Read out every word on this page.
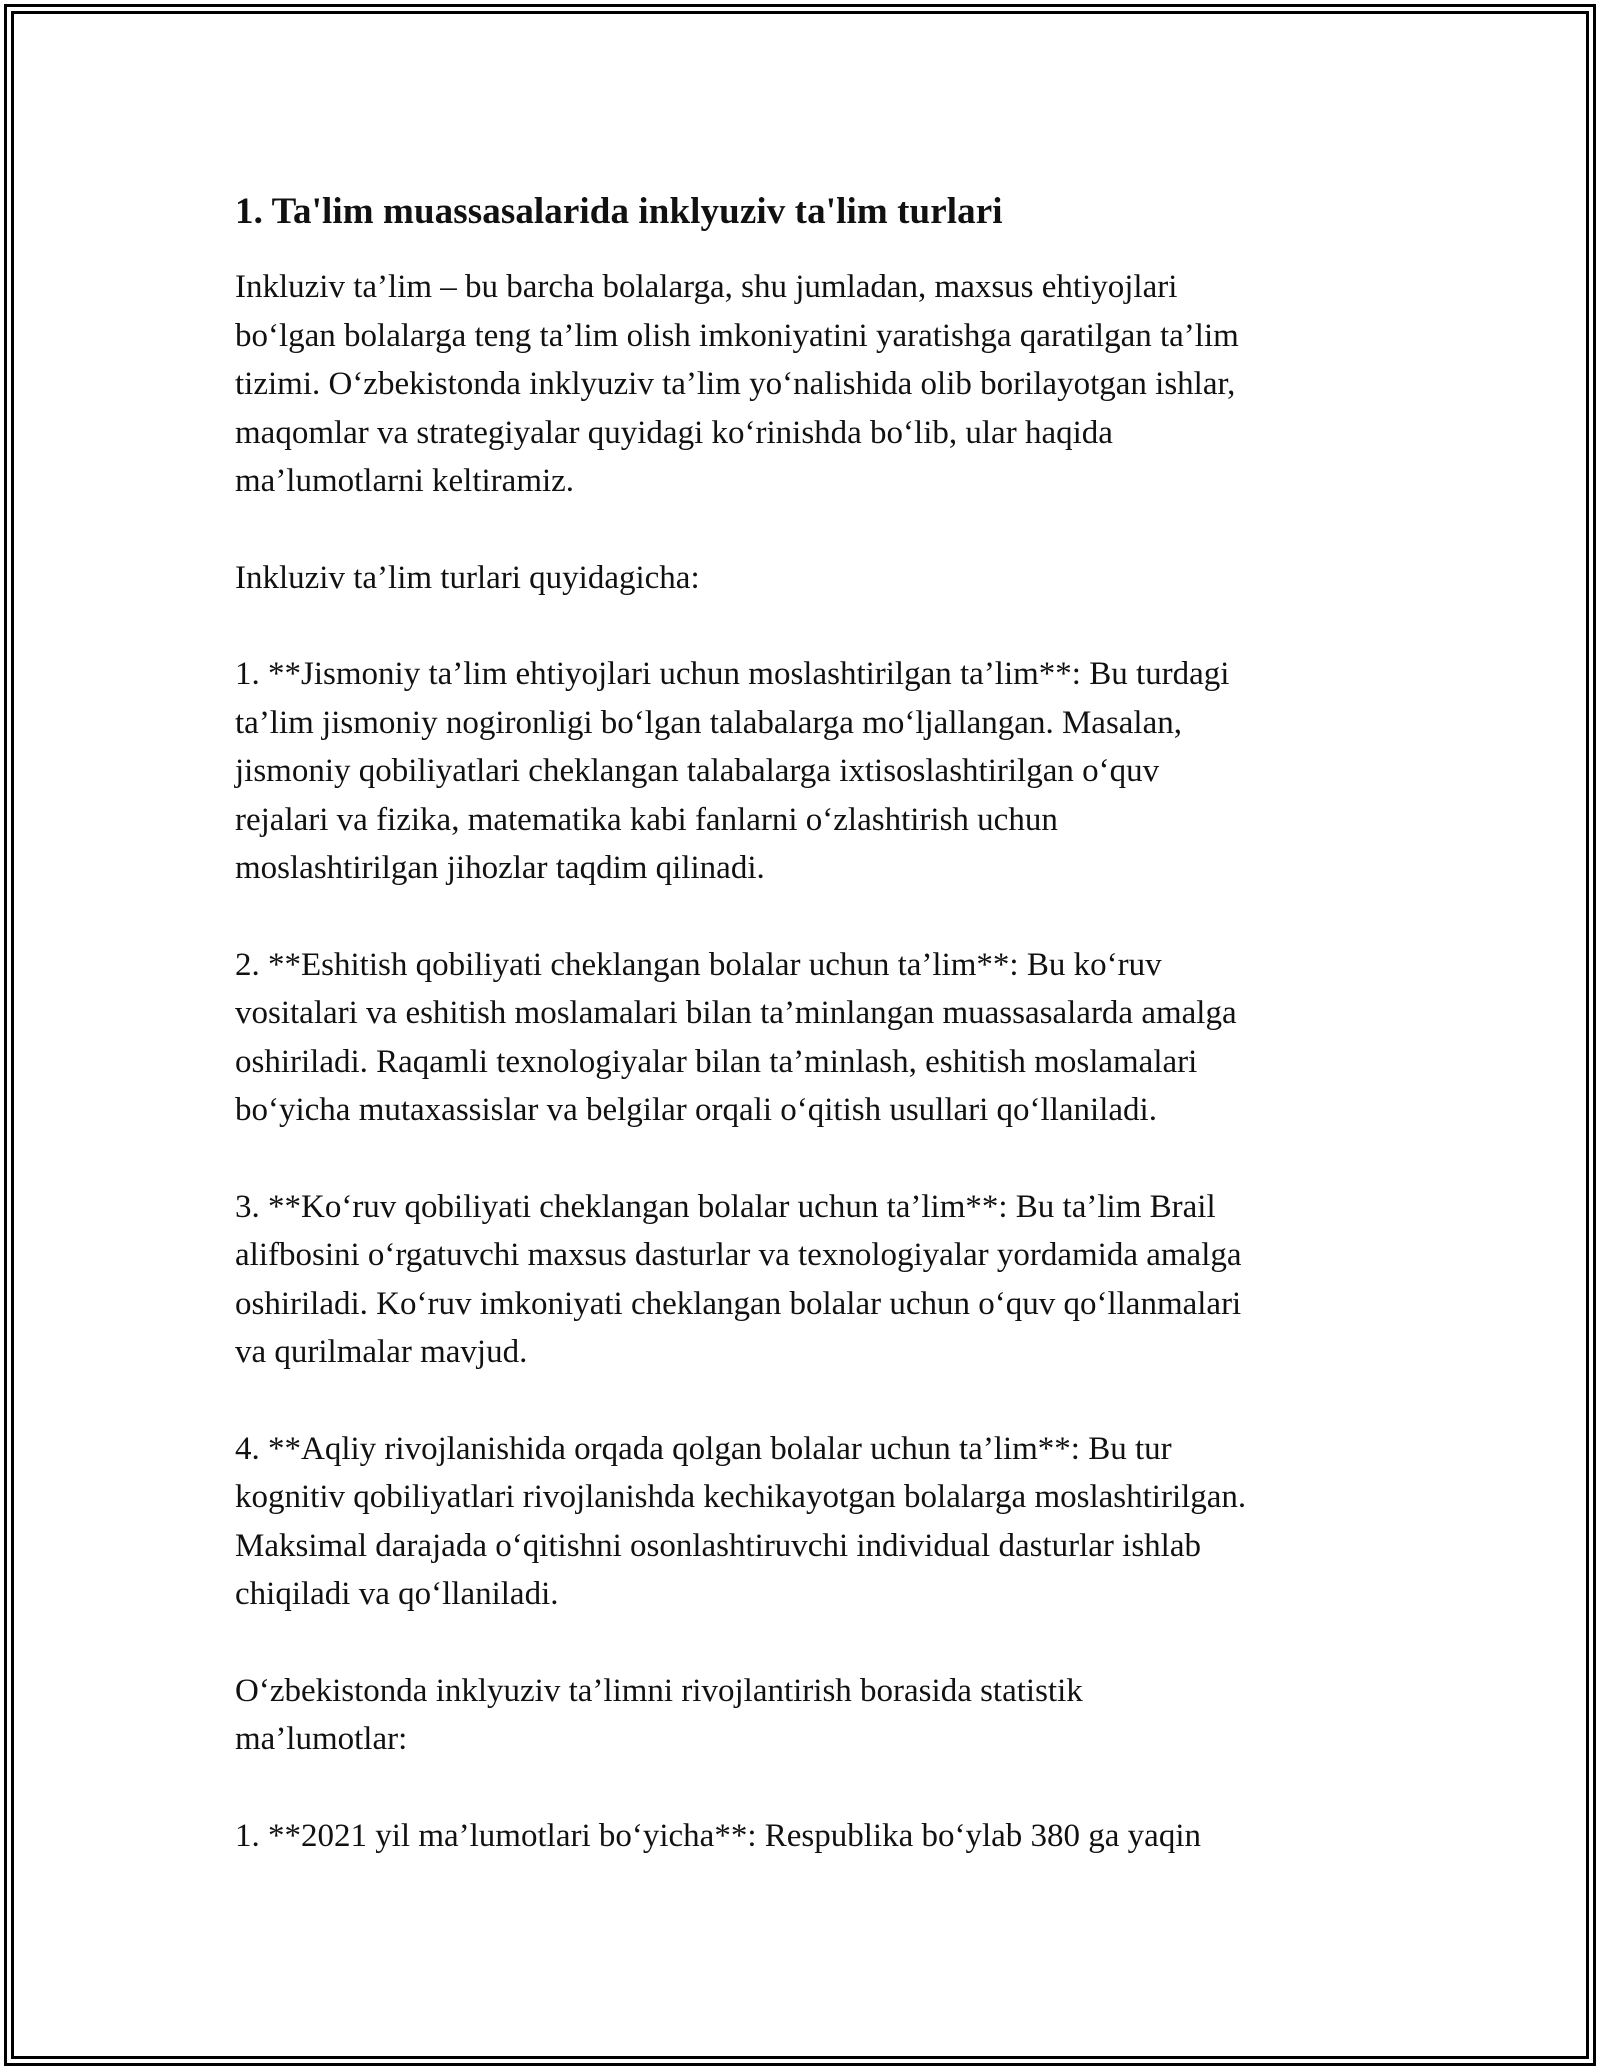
1. Ta'lim muassasalarida inklyuziv ta'lim turlari

Inkluziv ta’lim – bu barcha bolalarga, shu jumladan, maxsus ehtiyojlari
bo‘lgan bolalarga teng ta’lim olish imkoniyatini yaratishga qaratilgan ta’lim
tizimi. O‘zbekistonda inklyuziv ta’lim yo‘nalishida olib borilayotgan ishlar,
maqomlar va strategiyalar quyidagi ko‘rinishda bo‘lib, ular haqida
ma’lumotlarni keltiramiz.

Inkluziv ta’lim turlari quyidagicha:

1. **Jismoniy ta’lim ehtiyojlari uchun moslashtirilgan ta’lim**: Bu turdagi
ta’lim jismoniy nogironligi bo‘lgan talabalarga mo‘ljallangan. Masalan,
jismoniy qobiliyatlari cheklangan talabalarga ixtisoslashtirilgan o‘quv
rejalari va fizika, matematika kabi fanlarni o‘zlashtirish uchun
moslashtirilgan jihozlar taqdim qilinadi.

2. **Eshitish qobiliyati cheklangan bolalar uchun ta’lim**: Bu ko‘ruv
vositalari va eshitish moslamalari bilan ta’minlangan muassasalarda amalga
oshiriladi. Raqamli texnologiyalar bilan ta’minlash, eshitish moslamalari
bo‘yicha mutaxassislar va belgilar orqali o‘qitish usullari qo‘llaniladi.

3. **Ko‘ruv qobiliyati cheklangan bolalar uchun ta’lim**: Bu ta’lim Brail
alifbosini o‘rgatuvchi maxsus dasturlar va texnologiyalar yordamida amalga
oshiriladi. Ko‘ruv imkoniyati cheklangan bolalar uchun o‘quv qo‘llanmalari
va qurilmalar mavjud.

4. **Aqliy rivojlanishida orqada qolgan bolalar uchun ta’lim**: Bu tur
kognitiv qobiliyatlari rivojlanishda kechikayotgan bolalarga moslashtirilgan.
Maksimal darajada o‘qitishni osonlashtiruvchi individual dasturlar ishlab
chiqiladi va qo‘llaniladi.

O‘zbekistonda inklyuziv ta’limni rivojlantirish borasida statistik
ma’lumotlar:

1. **2021 yil ma’lumotlari bo‘yicha**: Respublika bo‘ylab 380 ga yaqin
